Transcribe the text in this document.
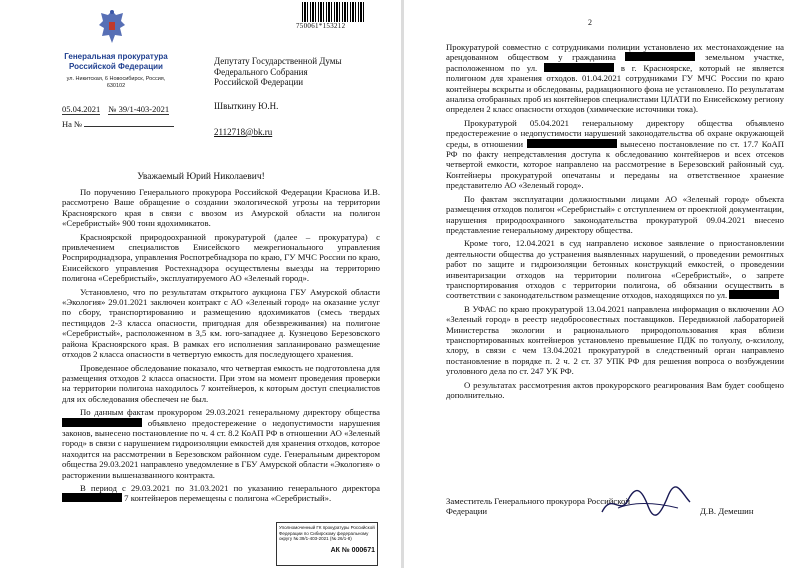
750061*153212
Генеральная прокуратура Российской Федерации
ул. Никитская, 6 Новосибирск, Россия, 630102
05.04.2021 № 39/1-403-2021
На №
Депутату Государственной Думы
Федерального Собрания
Российской Федерации
Швыткину Ю.Н.
2112718@bk.ru
Уважаемый Юрий Николаевич!

По поручению Генерального прокурора Российской Федерации Краснова И.В. рассмотрено Ваше обращение о создании экологической угрозы на территории Красноярского края в связи с ввозом из Амурской области на полигон «Серебристый» 900 тонн ядохимикатов.

Красноярской природоохранной прокуратурой (далее – прокуратура) с привлечением специалистов Енисейского межрегионального управления Росприроднадзора, управления Роспотребнадзора по краю, ГУ МЧС России по краю, Енисейского управления Ростехнадзора осуществлены выезды на территорию полигона «Серебристый», эксплуатируемого АО «Зеленый город».

Установлено, что по результатам открытого аукциона ГБУ Амурской области «Экология» 29.01.2021 заключен контракт с АО «Зеленый город» на оказание услуг по сбору, транспортированию и размещению ядохимикатов (смесь твердых пестицидов 2-3 класса опасности, пригодная для обезвреживания) на полигоне «Серебристый», расположенном в 3,5 км. юго-западнее д. Кузнецово Березовского района Красноярского края. В рамках его исполнения запланировано размещение отходов 2 класса опасности в четвертую емкость для последующего хранения.

Проведенное обследование показало, что четвертая емкость не подготовлена для размещения отходов 2 класса опасности. При этом на момент проведения проверки на территории полигона находилось 7 контейнеров, к которым доступ специалистов для их обследования обеспечен не был.

По данным фактам прокурором 29.03.2021 генеральному директору общества  объявлено предостережение о недопустимости нарушения законов, вынесено постановление по ч. 4 ст. 8.2 КоАП РФ в отношении АО «Зеленый город» в связи с нарушением гидроизоляции емкостей для хранения отходов, которое находится на рассмотрении в Березовском районном суде. Генеральным директором общества 29.03.2021 направлено уведомление в ГБУ Амурской области «Экология» о расторжении вышеназванного контракта.

В период с 29.03.2021 по 31.03.2021 по указанию генерального директора  7 контейнеров перемещены с полигона «Серебристый».

Уполномоченный ГК прокуратуры Российской Федерации по Сибирскому федеральному округу № 39/1-403-2021 (№ 26/1-8)
АК № 000671
2

Прокуратурой совместно с сотрудниками полиции установлено их местонахождение на арендованном обществом у гражданина	земельном участке, расположенном по ул.	в г. Красноярске, который не является полигоном для хранения отходов. 01.04.2021 сотрудниками ГУ МЧС России по краю контейнеры вскрыты и обследованы, радиационного фона не установлено. По результатам анализа отобранных проб из контейнеров специалистами ЦЛАТИ по Енисейскому региону определен 2 класс опасности отходов (химические источники тока).

Прокуратурой 05.04.2021 генеральному директору общества объявлено предостережение о недопустимости нарушений законодательства об охране окружающей среды, в отношении	вынесено постановление по ст. 17.7 КоАП РФ по факту непредставления доступа к обследованию контейнеров и всех отсеков четвертой емкости, которое направлено на рассмотрение в Березовский районный суд. Контейнеры прокуратурой опечатаны и переданы на ответственное хранение представителю АО «Зеленый город».

По фактам эксплуатации должностными лицами АО «Зеленый город» объекта размещения отходов полигон «Серебристый» с отступлением от проектной документации, нарушения природоохранного законодательства прокуратурой 09.04.2021 внесено представление генеральному директору общества.

Кроме того, 12.04.2021 в суд направлено исковое заявление о приостановлении деятельности общества до устранения выявленных нарушений, о проведении ремонтных работ по защите и гидроизоляции бетонных конструкций емкостей, о проведении инвентаризации отходов на территории полигона «Серебристый», о запрете транспортирования отходов с территории полигона, об обязании осуществить в соответствии с законодательством размещение отходов, находящихся по ул.

В УФАС по краю прокуратурой 13.04.2021 направлена информация о включении АО «Зеленый город» в реестр недобросовестных поставщиков. Передвижной лабораторией Министерства экологии и рационального природопользования края вблизи транспортированных контейнеров установлено превышение ПДК по толуолу, о-ксилолу, хлору, в связи с чем 13.04.2021 прокуратурой в следственный орган направлено постановление в порядке п. 2 ч. 2 ст. 37 УПК РФ для решения вопроса о возбуждении уголовного дела по ст. 247 УК РФ.

О результатах рассмотрения актов прокурорского реагирования Вам будет сообщено дополнительно.

Заместитель Генерального прокурора Российской Федерации	Д.В. Демешин
